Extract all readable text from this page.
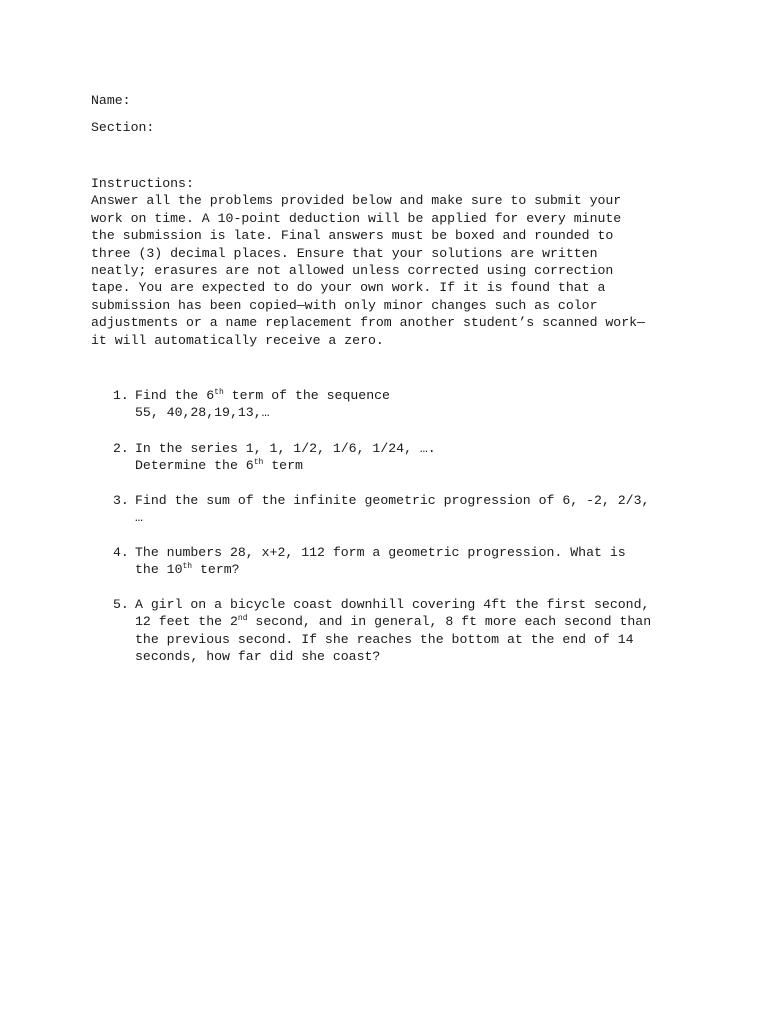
Name:
Section:
Instructions:
Answer all the problems provided below and make sure to submit your
work on time. A 10-point deduction will be applied for every minute
the submission is late. Final answers must be boxed and rounded to
three (3) decimal places. Ensure that your solutions are written
neatly; erasures are not allowed unless corrected using correction
tape. You are expected to do your own work. If it is found that a
submission has been copied—with only minor changes such as color
adjustments or a name replacement from another student’s scanned work—
it will automatically receive a zero.
1. Find the 6th term of the sequence
55, 40,28,19,13,…
2. In the series 1, 1, 1/2, 1/6, 1/24, ….
Determine the 6th term
3. Find the sum of the infinite geometric progression of 6, -2, 2/3,
…
4. The numbers 28, x+2, 112 form a geometric progression. What is
the 10th term?
5. A girl on a bicycle coast downhill covering 4ft the first second,
12 feet the 2nd second, and in general, 8 ft more each second than
the previous second. If she reaches the bottom at the end of 14
seconds, how far did she coast?
